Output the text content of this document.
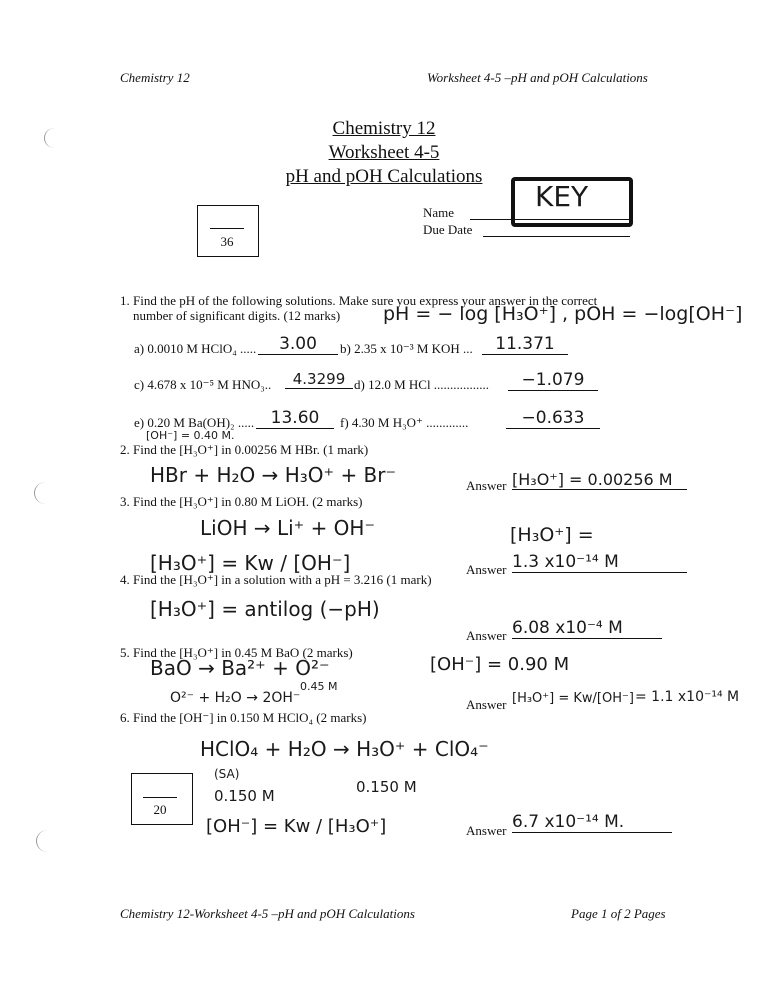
Chemistry 12	Worksheet 4-5 –pH and pOH Calculations
Chemistry 12
Worksheet 4-5
pH and pOH Calculations
KEY
36
Name
Due Date
1. Find the pH of the following solutions. Make sure you express your answer in the correct
number of significant digits. (12 marks) pH = − log [H₃O⁺] , pOH = −log[OH⁻]
a) 0.0010 M HClO₄ .....	3.00	b) 2.35 x 10⁻³ M KOH ...	11.371
c) 4.678 x 10⁻⁵ M HNO₃..	4.3299 d) 12.0 M HCl .................	−1.079
e) 0.20 M Ba(OH)₂ ..... 13.60	f) 4.30 M H₃O⁺ .............	−0.633
[OH⁻] = 0.40 M.
2. Find the [H₃O⁺] in 0.00256 M HBr. (1 mark)
HBr + H₂O → H₃O⁺ + Br⁻	Answer [H₃O⁺] = 0.00256 M
3. Find the [H₃O⁺] in 0.80 M LiOH. (2 marks)
LiOH → Li⁺ + OH⁻	[H₃O⁺] =
[H₃O⁺] = Kw / [OH⁻]	Answer 1.3 x10⁻¹⁴ M
4. Find the [H₃O⁺] in a solution with a pH = 3.216 (1 mark)
[H₃O⁺] = antilog (−pH)
Answer 6.08 x10⁻⁴ M
5. Find the [H₃O⁺] in 0.45 M BaO (2 marks)
BaO → Ba²⁺ + O²⁻	[OH⁻] = 0.90 M
0.45 M
O²⁻ + H₂O → 2OH⁻	Answer [H₃O⁺] = Kw/[OH⁻] = 1.1 x10⁻¹⁴ M
6. Find the [OH⁻] in 0.150 M HClO₄ (2 marks)
HClO₄ + H₂O → H₃O⁺ + ClO₄⁻
(SA)
0.150 M	0.150 M
[OH⁻] = Kw / [H₃O⁺]	Answer 6.7 x10⁻¹⁴ M.
20
Chemistry 12-Worksheet 4-5 –pH and pOH Calculations	Page 1 of 2 Pages
